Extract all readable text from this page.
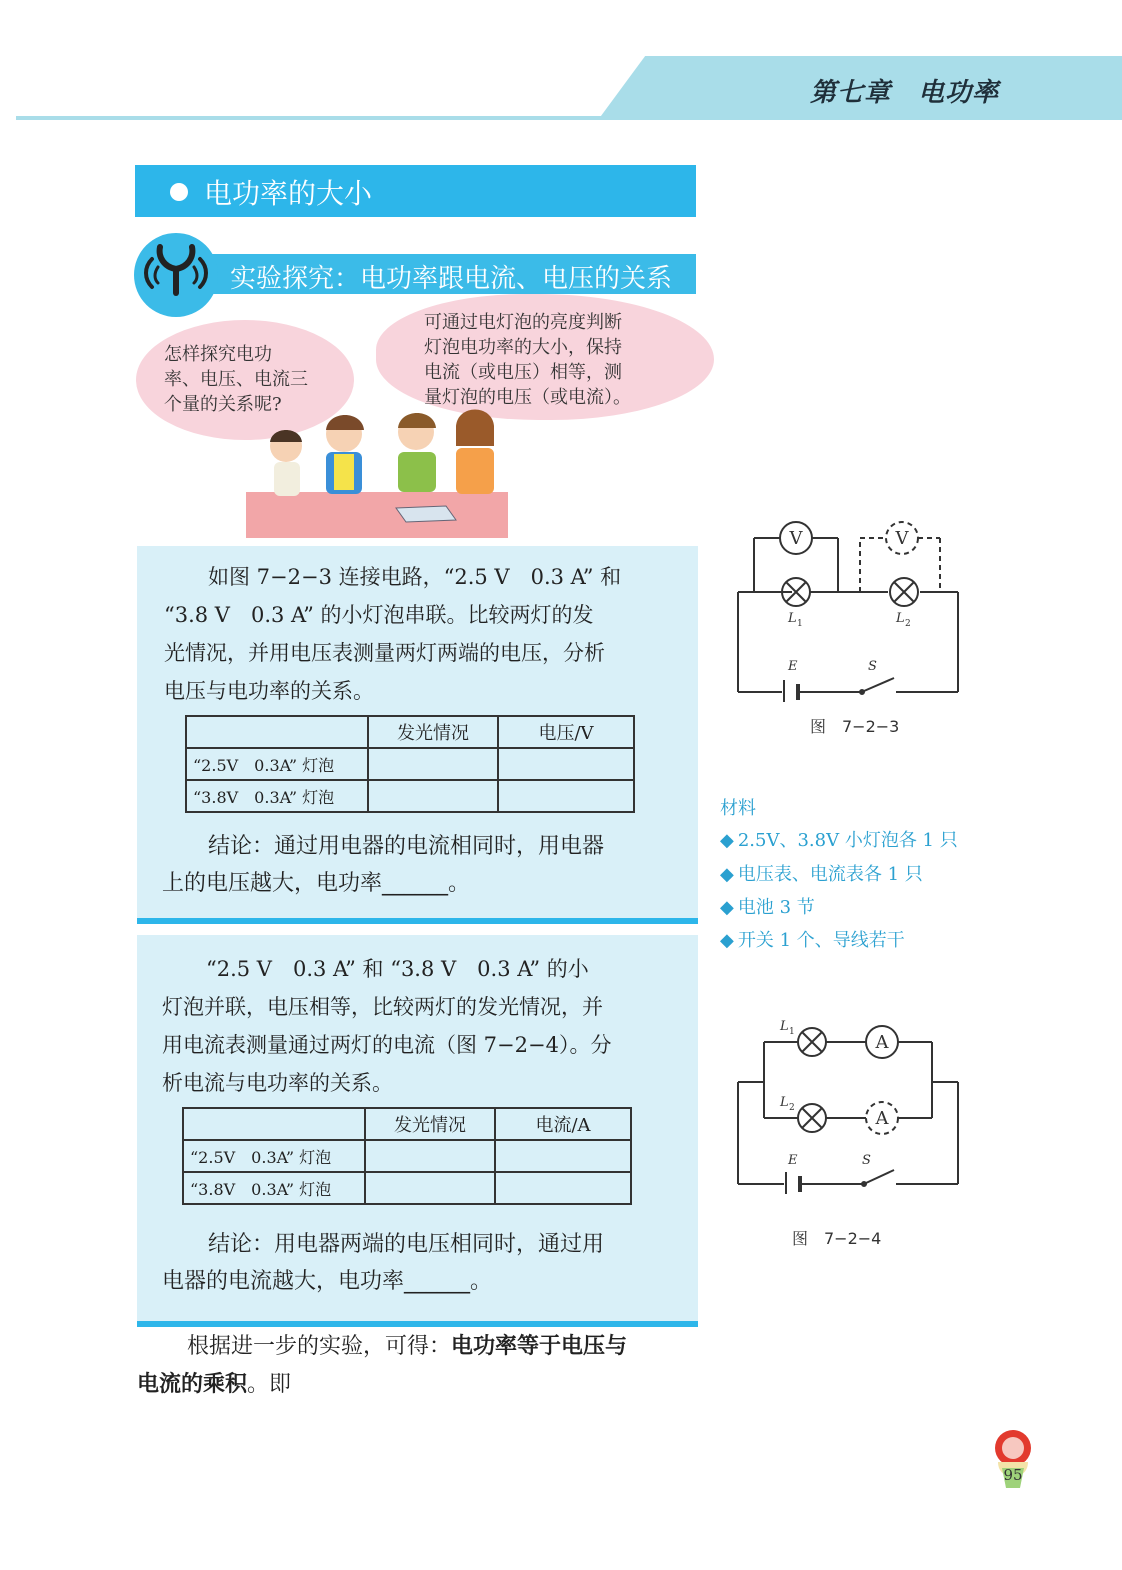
第七章　电功率
电功率的大小
实验探究：电功率跟电流、电压的关系
怎样探究电功
率、电压、电流三
个量的关系呢?
可通过电灯泡的亮度判断
灯泡电功率的大小，保持
电流（或电压）相等，测
量灯泡的电压（或电流）。
如图 7−2−3 连接电路，“2.5 V　0.3 A” 和
“3.8 V　0.3 A” 的小灯泡串联。比较两灯的发
光情况，并用电压表测量两灯两端的电压，分析
电压与电功率的关系。
	发光情况	电压/V
“2.5V　0.3A” 灯泡		
“3.8V　0.3A” 灯泡		
结论：通过用电器的电流相同时，用电器
上的电压越大，电功率______。
“2.5 V　0.3 A” 和 “3.8 V　0.3 A” 的小
灯泡并联，电压相等，比较两灯的发光情况，并
用电流表测量通过两灯的电流（图 7−2−4）。分
析电流与电功率的关系。
	发光情况	电流/A
“2.5V　0.3A” 灯泡		
“3.8V　0.3A” 灯泡		
结论：用电器两端的电压相同时，通过用
电器的电流越大，电功率______。
根据进一步的实验，可得：电功率等于电压与
电流的乘积。即
V	V
L 1	L 2
E	S
图　7−2−3
材料
◆ 2.5V、3.8V 小灯泡各 1 只
◆ 电压表、电流表各 1 只
◆ 电池 3 节
◆ 开关 1 个、导线若干
A
A
L 1
L 2
E	S
图　7−2−4
95
